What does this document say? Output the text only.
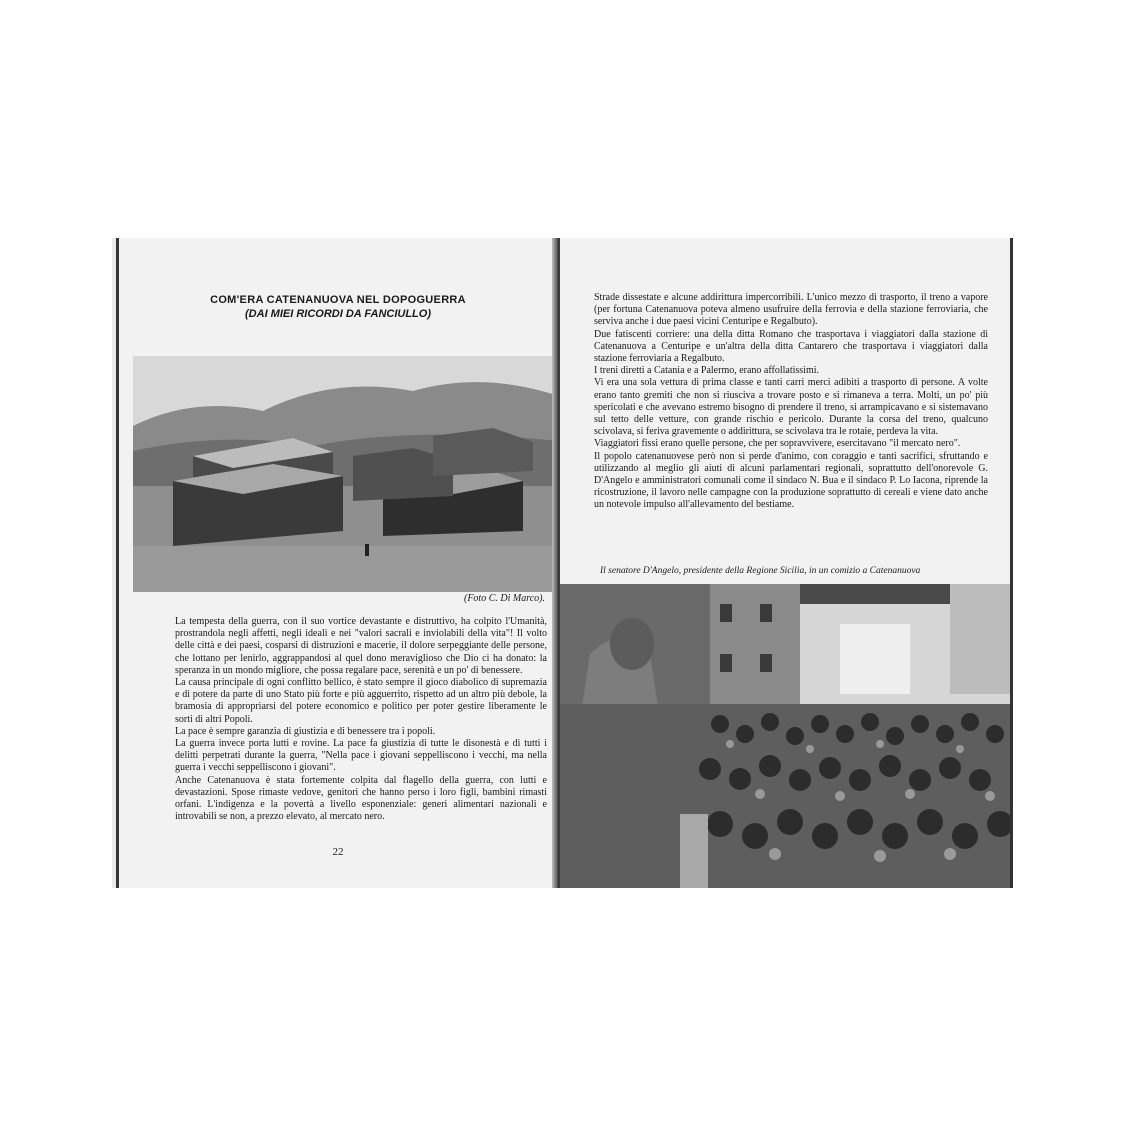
COM'ERA CATENANUOVA NEL DOPOGUERRA
(DAI MIEI RICORDI DA FANCIULLO)
(Foto C. Di Marco).

La tempesta della guerra, con il suo vortice devastante e distruttivo, ha colpito l'Umanità, prostrandola negli affetti, negli ideali e nei "valori sacrali e inviolabili della vita"! Il volto delle città e dei paesi, cosparsi di distruzioni e macerie, il dolore serpeggiante delle persone, che lottano per lenirlo, aggrappandosi al quel dono meraviglioso che Dio ci ha donato: la speranza in un mondo migliore, che possa regalare pace, serenità e un po' di benessere.

La causa principale di ogni conflitto bellico, è stato sempre il gioco diabolico di supremazia e di potere da parte di uno Stato più forte e più agguerrito, rispetto ad un altro più debole, la bramosia di appropriarsi del potere economico e politico per poter gestire liberamente le sorti di altri Popoli.

La pace è sempre garanzia di giustizia e di benessere tra i popoli.

La guerra invece porta lutti e rovine. La pace fa giustizia di tutte le disonestà e di tutti i delitti perpetrati durante la guerra, "Nella pace i giovani seppelliscono i vecchi, ma nella guerra i vecchi seppelliscono i giovani".

Anche Catenanuova è stata fortemente colpita dal flagello della guerra, con lutti e devastazioni. Spose rimaste vedove, genitori che hanno perso i loro figli, bambini rimasti orfani. L'indigenza e la povertà a livello esponenziale: generi alimentari nazionali e introvabili se non, a prezzo elevato, al mercato nero.

22

Strade dissestate e alcune addirittura impercorribili. L'unico mezzo di trasporto, il treno a vapore (per fortuna Catenanuova poteva almeno usufruire della ferrovia e della stazione ferroviaria, che serviva anche i due paesi vicini Centuripe e Regalbuto).

Due fatiscenti corriere: una della ditta Romano che trasportava i viaggiatori dalla stazione di Catenanuova a Centuripe e un'altra della ditta Cantarero che trasportava i viaggiatori dalla stazione ferroviaria a Regalbuto.

I treni diretti a Catania e a Palermo, erano affollatissimi.

Vi era una sola vettura di prima classe e tanti carri merci adibiti a trasporto di persone. A volte erano tanto gremiti che non si riusciva a trovare posto e si rimaneva a terra. Molti, un po' più spericolati e che avevano estremo bisogno di prendere il treno, si arrampicavano e si sistemavano sul tetto delle vetture, con grande rischio e pericolo. Durante la corsa del treno, qualcuno scivolava, si feriva gravemente o addirittura, se scivolava tra le rotaie, perdeva la vita.

Viaggiatori fissi erano quelle persone, che per sopravvivere, esercitavano "il mercato nero".

Il popolo catenanuovese però non si perde d'animo, con coraggio e tanti sacrifici, sfruttando e utilizzando al meglio gli aiuti di alcuni parlamentari regionali, soprattutto dell'onorevole G. D'Angelo e amministratori comunali come il sindaco N. Bua e il sindaco P. Lo Iacona, riprende la ricostruzione, il lavoro nelle campagne con la produzione soprattutto di cereali e viene dato anche un notevole impulso all'allevamento del bestiame.

Il senatore D'Angelo, presidente della Regione Sicilia, in un comizio a Catenanuova
